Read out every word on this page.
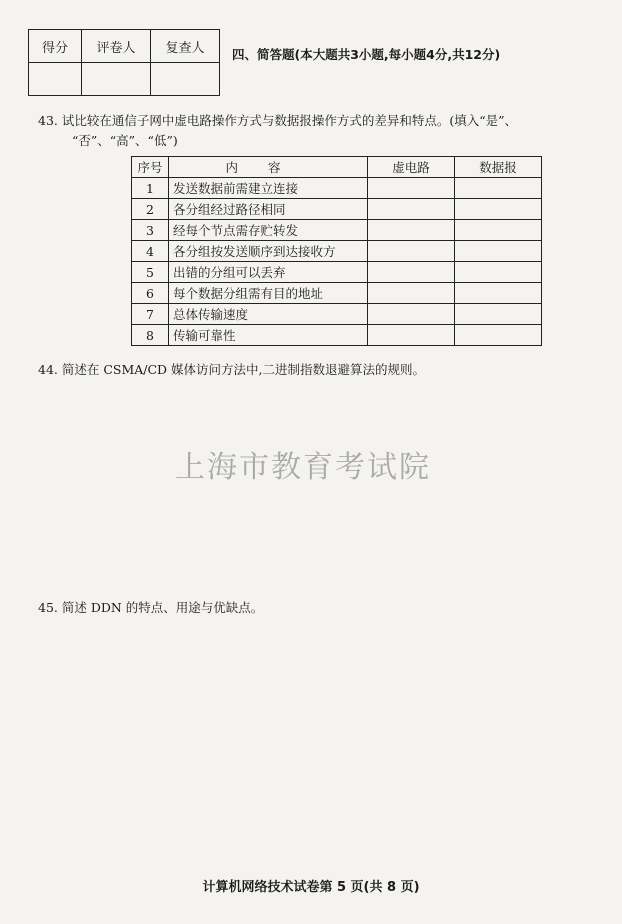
得分	评卷人	复查人
		四、简答题(本大题共3小题,每小题4分,共12分)
43. 试比较在通信子网中虚电路操作方式与数据报操作方式的差异和特点。(填入“是”、
“否”、“高”、“低”)
序号	内容	虚电路	数据报
1	发送数据前需建立连接		
2	各分组经过路径相同		
3	经每个节点需存贮转发		
4	各分组按发送顺序到达接收方		
5	出错的分组可以丢弃		
6	每个数据分组需有目的地址		
7	总体传输速度		
8	传输可靠性		
44. 简述在 CSMA/CD 媒体访问方法中,二进制指数退避算法的规则。
上海市教育考试院
45. 简述 DDN 的特点、用途与优缺点。
计算机网络技术试卷第 5 页(共 8 页)
